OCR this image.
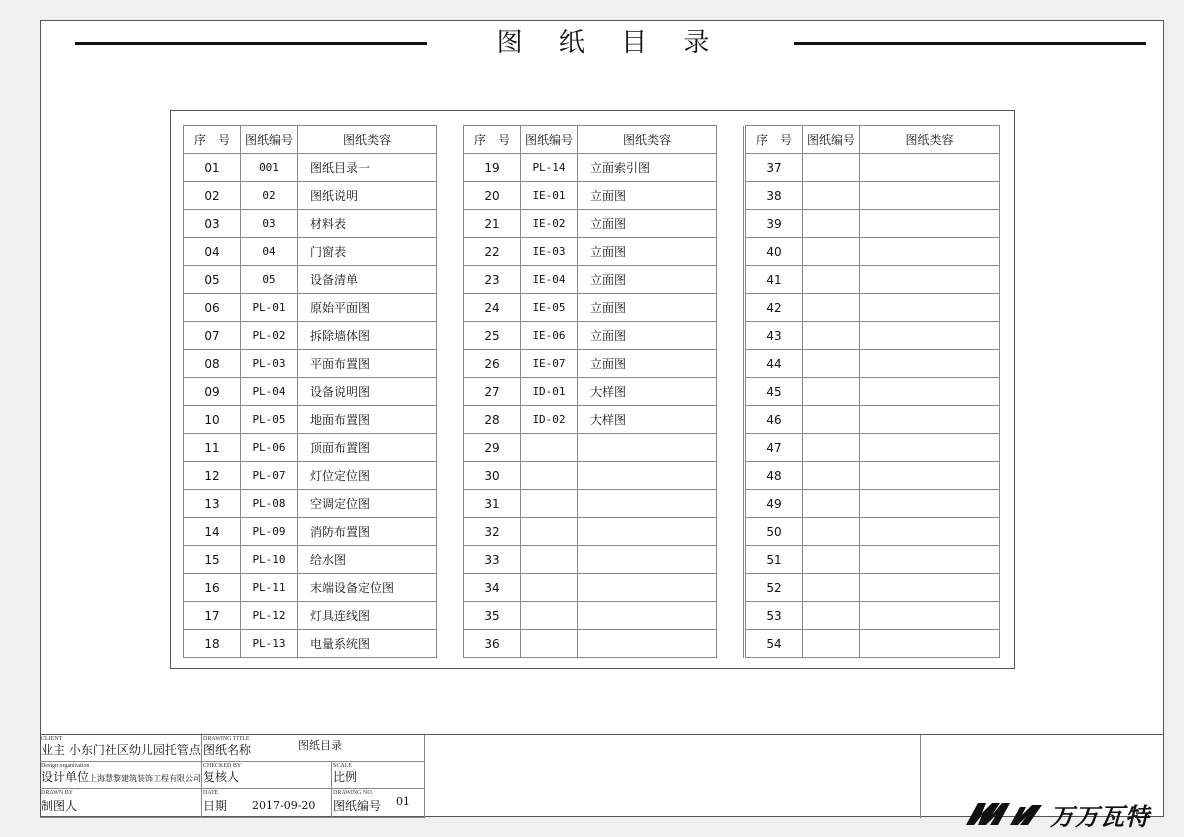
图 纸 目 录
序　号	图纸编号	图纸类容	
01	001	图纸目录一	
02	02	图纸说明	
03	03	材料表	
04	04	门窗表	
05	05	设备清单	
06	PL-01	原始平面图	
07	PL-02	拆除墙体图	
08	PL-03	平面布置图	
09	PL-04	设备说明图	
10	PL-05	地面布置图	
11	PL-06	顶面布置图	
12	PL-07	灯位定位图	
13	PL-08	空调定位图	
14	PL-09	消防布置图	
15	PL-10	给水图	
16	PL-11	末端设备定位图	
17	PL-12	灯具连线图	
18	PL-13	电量系统图	
序　号	图纸编号	图纸类容	
19	PL-14	立面索引图	
20	IE-01	立面图	
21	IE-02	立面图	
22	IE-03	立面图	
23	IE-04	立面图	
24	IE-05	立面图	
25	IE-06	立面图	
26	IE-07	立面图	
27	ID-01	大样图	
28	ID-02	大样图	
29			
30			
31			
32			
33			
34			
35			
36			
序　号	图纸编号	图纸类容
37		
38		
39		
40		
41		
42		
43		
44		
45		
46		
47		
48		
49		
50		
51		
52		
53		
54		
CLIENT
业主 小东门社区幼儿园托管点
DRAWING TITLE
图纸名称	图纸目录
Design organization
设计单位上海慧黎建筑装饰工程有限公司
CHECKED BY
复核人
SCALE
比例
DRAWN BY
制图人
DATE
日期 2017-09-20
DRAWING NO.
图纸编号 01
万万瓦特
